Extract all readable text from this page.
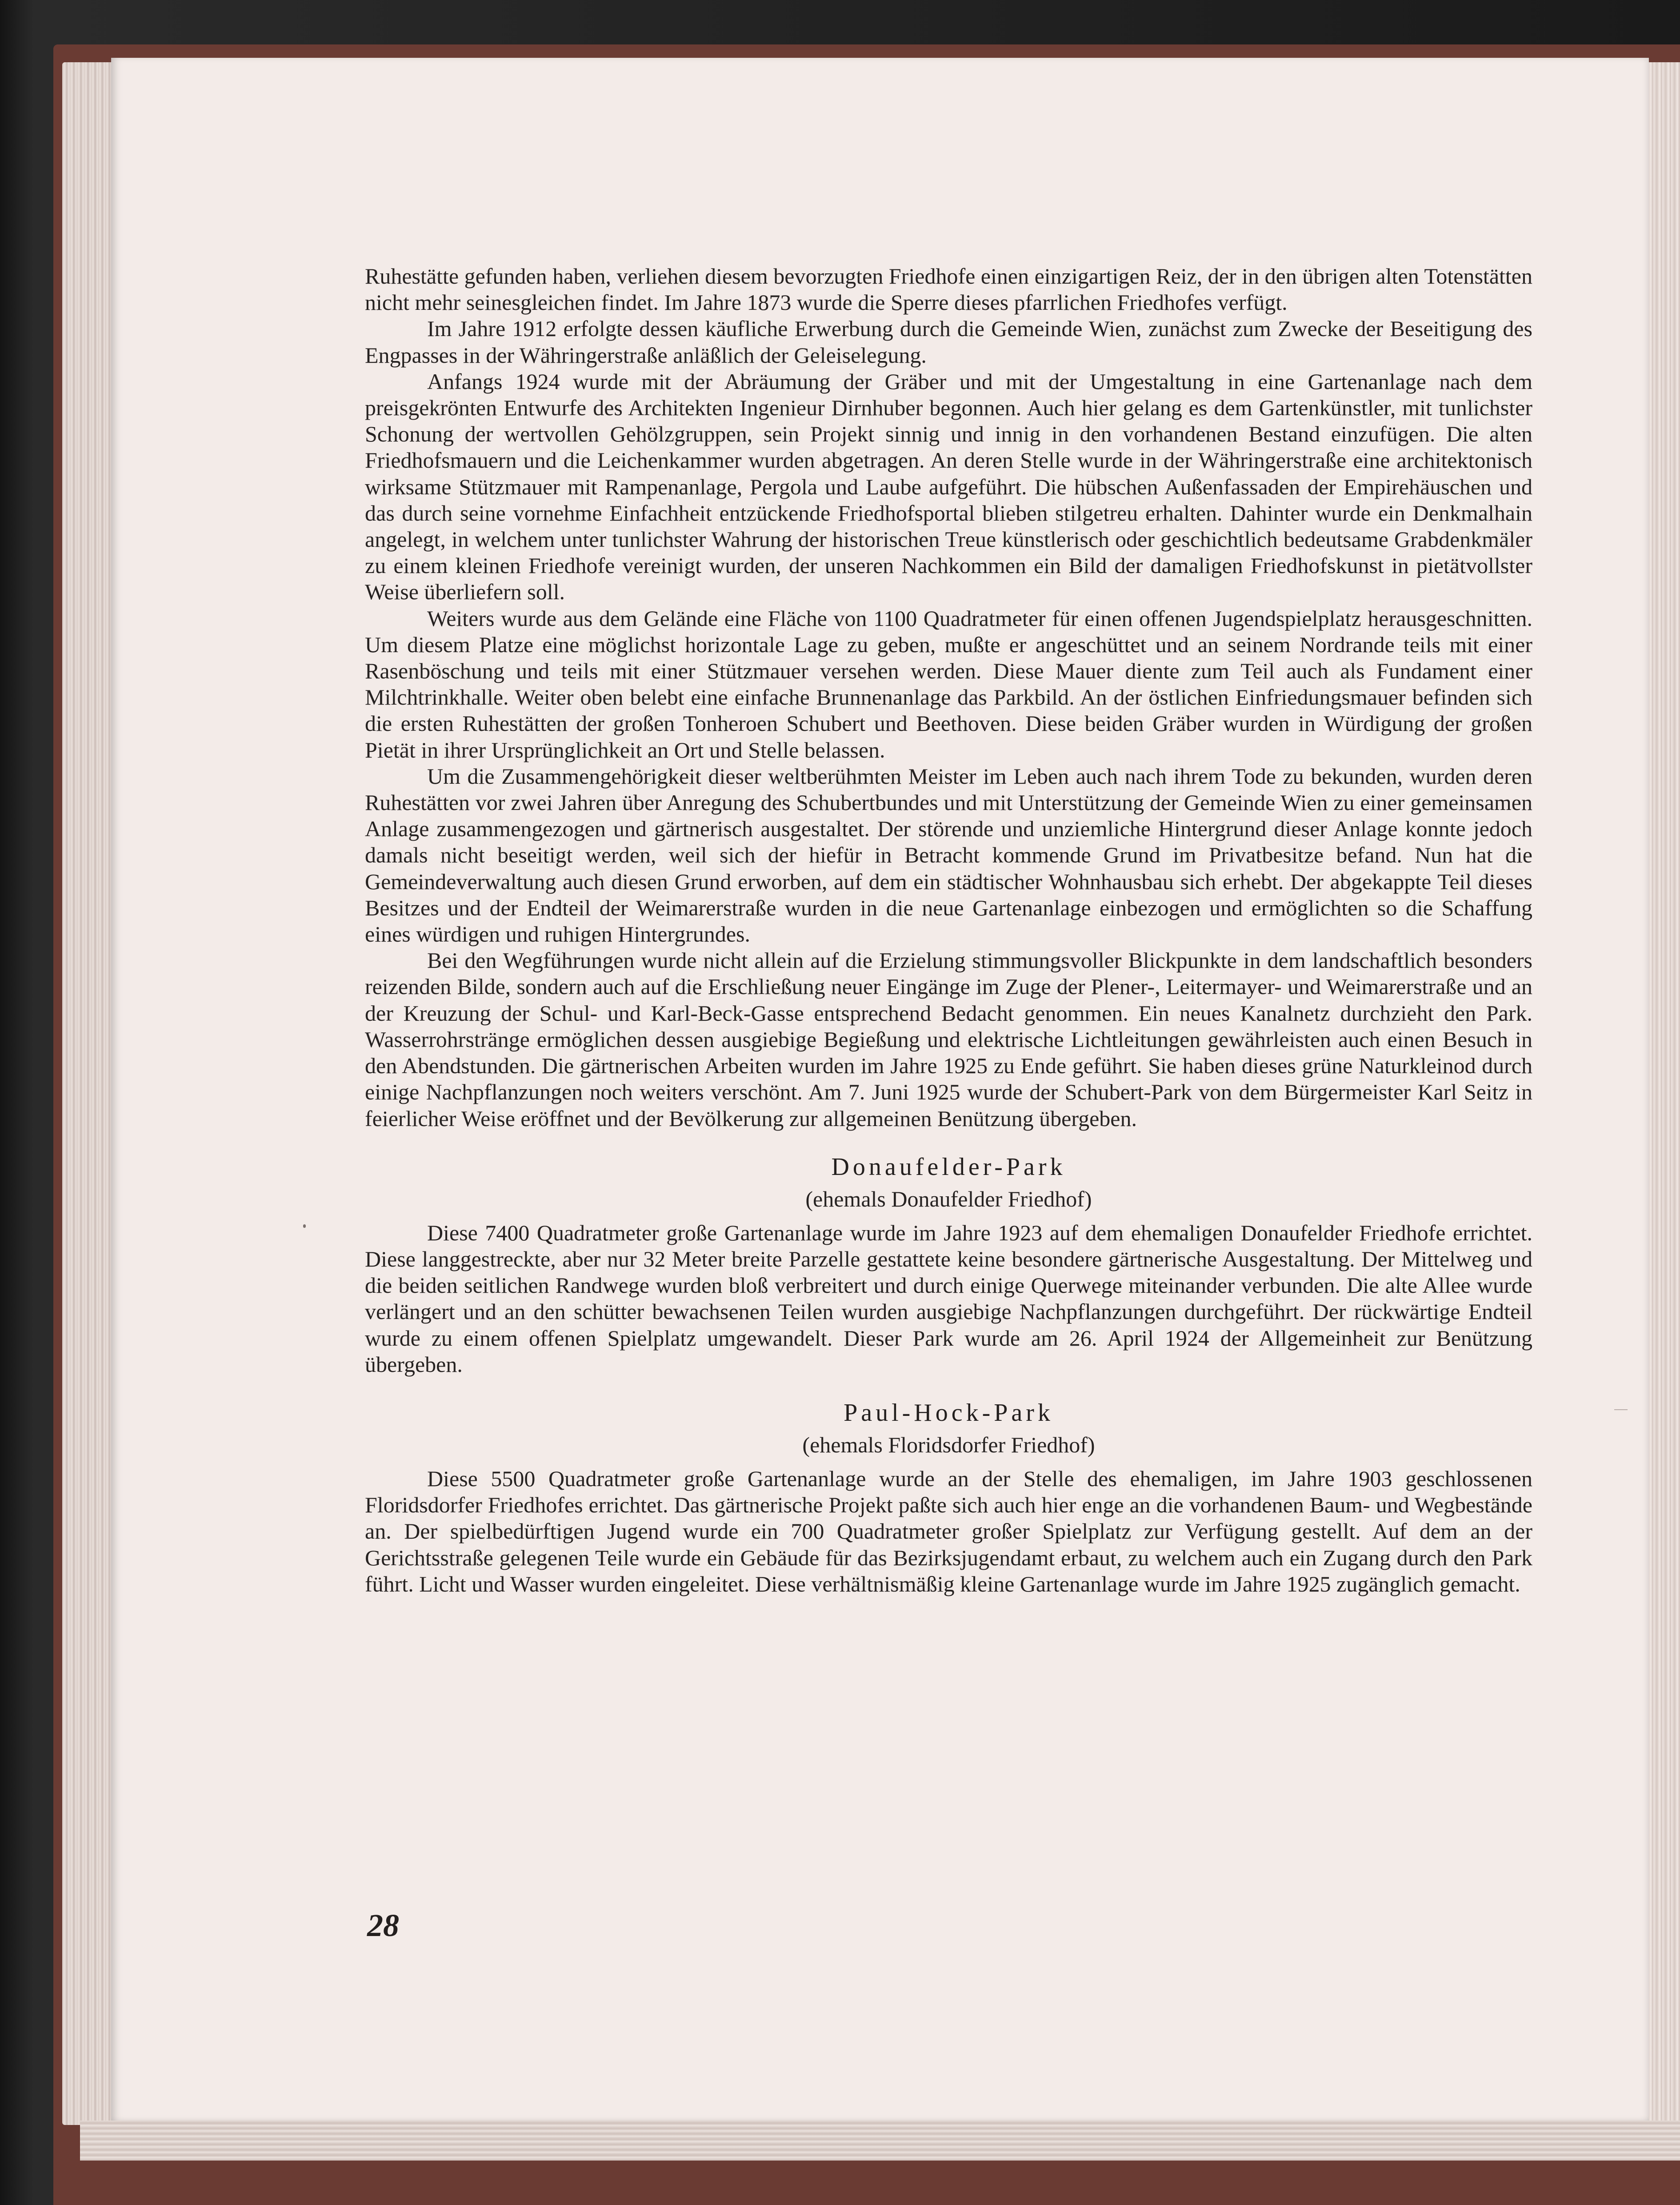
Ruhestätte gefunden haben, verliehen diesem bevorzugten Friedhofe einen einzigartigen Reiz, der in den übrigen alten Totenstätten nicht mehr seinesgleichen findet. Im Jahre 1873 wurde die Sperre dieses pfarrlichen Friedhofes verfügt.

Im Jahre 1912 erfolgte dessen käufliche Erwerbung durch die Gemeinde Wien, zunächst zum Zwecke der Beseitigung des Engpasses in der Währingerstraße anläßlich der Geleiselegung.

Anfangs 1924 wurde mit der Abräumung der Gräber und mit der Umgestaltung in eine Gartenanlage nach dem preisgekrönten Entwurfe des Architekten Ingenieur Dirnhuber begonnen. Auch hier gelang es dem Gartenkünstler, mit tunlichster Schonung der wertvollen Gehölzgruppen, sein Projekt sinnig und innig in den vorhandenen Bestand einzufügen. Die alten Friedhofsmauern und die Leichenkammer wurden abgetragen. An deren Stelle wurde in der Währingerstraße eine architektonisch wirksame Stützmauer mit Rampenanlage, Pergola und Laube aufgeführt. Die hübschen Außenfassaden der Empirehäuschen und das durch seine vornehme Einfachheit entzückende Friedhofsportal blieben stilgetreu erhalten. Dahinter wurde ein Denkmalhain angelegt, in welchem unter tunlichster Wahrung der historischen Treue künstlerisch oder geschichtlich bedeutsame Grabdenkmäler zu einem kleinen Friedhofe vereinigt wurden, der unseren Nachkommen ein Bild der damaligen Friedhofskunst in pietätvollster Weise überliefern soll.

Weiters wurde aus dem Gelände eine Fläche von 1100 Quadratmeter für einen offenen Jugendspielplatz herausgeschnitten. Um diesem Platze eine möglichst horizontale Lage zu geben, mußte er angeschüttet und an seinem Nordrande teils mit einer Rasenböschung und teils mit einer Stützmauer versehen werden. Diese Mauer diente zum Teil auch als Fundament einer Milchtrinkhalle. Weiter oben belebt eine einfache Brunnenanlage das Parkbild. An der östlichen Einfriedungsmauer befinden sich die ersten Ruhestätten der großen Tonheroen Schubert und Beethoven. Diese beiden Gräber wurden in Würdigung der großen Pietät in ihrer Ursprünglichkeit an Ort und Stelle belassen.

Um die Zusammengehörigkeit dieser weltberühmten Meister im Leben auch nach ihrem Tode zu bekunden, wurden deren Ruhestätten vor zwei Jahren über Anregung des Schubertbundes und mit Unterstützung der Gemeinde Wien zu einer gemeinsamen Anlage zusammengezogen und gärtnerisch ausgestaltet. Der störende und unziemliche Hintergrund dieser Anlage konnte jedoch damals nicht beseitigt werden, weil sich der hiefür in Betracht kommende Grund im Privatbesitze befand. Nun hat die Gemeindeverwaltung auch diesen Grund erworben, auf dem ein städtischer Wohnhausbau sich erhebt. Der abgekappte Teil dieses Besitzes und der Endteil der Weimarerstraße wurden in die neue Gartenanlage einbezogen und ermöglichten so die Schaffung eines würdigen und ruhigen Hintergrundes.

Bei den Wegführungen wurde nicht allein auf die Erzielung stimmungsvoller Blickpunkte in dem landschaftlich besonders reizenden Bilde, sondern auch auf die Erschließung neuer Eingänge im Zuge der Plener-, Leitermayer- und Weimarerstraße und an der Kreuzung der Schul- und Karl-Beck-Gasse entsprechend Bedacht genommen. Ein neues Kanalnetz durchzieht den Park. Wasserrohrstränge ermöglichen dessen ausgiebige Begießung und elektrische Lichtleitungen gewährleisten auch einen Besuch in den Abendstunden. Die gärtnerischen Arbeiten wurden im Jahre 1925 zu Ende geführt. Sie haben dieses grüne Naturkleinod durch einige Nachpflanzungen noch weiters verschönt. Am 7. Juni 1925 wurde der Schubert-Park von dem Bürgermeister Karl Seitz in feierlicher Weise eröffnet und der Bevölkerung zur allgemeinen Benützung übergeben.

Donaufelder-Park
(ehemals Donaufelder Friedhof)

Diese 7400 Quadratmeter große Gartenanlage wurde im Jahre 1923 auf dem ehemaligen Donaufelder Friedhofe errichtet. Diese langgestreckte, aber nur 32 Meter breite Parzelle gestattete keine besondere gärtnerische Ausgestaltung. Der Mittelweg und die beiden seitlichen Randwege wurden bloß verbreitert und durch einige Querwege miteinander verbunden. Die alte Allee wurde verlängert und an den schütter bewachsenen Teilen wurden ausgiebige Nachpflanzungen durchgeführt. Der rückwärtige Endteil wurde zu einem offenen Spielplatz umgewandelt. Dieser Park wurde am 26. April 1924 der Allgemeinheit zur Benützung übergeben.

Paul-Hock-Park
(ehemals Floridsdorfer Friedhof)

Diese 5500 Quadratmeter große Gartenanlage wurde an der Stelle des ehemaligen, im Jahre 1903 geschlossenen Floridsdorfer Friedhofes errichtet. Das gärtnerische Projekt paßte sich auch hier enge an die vorhandenen Baum- und Wegbestände an. Der spielbedürftigen Jugend wurde ein 700 Quadratmeter großer Spielplatz zur Verfügung gestellt. Auf dem an der Gerichtsstraße gelegenen Teile wurde ein Gebäude für das Bezirksjugendamt erbaut, zu welchem auch ein Zugang durch den Park führt. Licht und Wasser wurden eingeleitet. Diese verhältnismäßig kleine Gartenanlage wurde im Jahre 1925 zugänglich gemacht.

28
